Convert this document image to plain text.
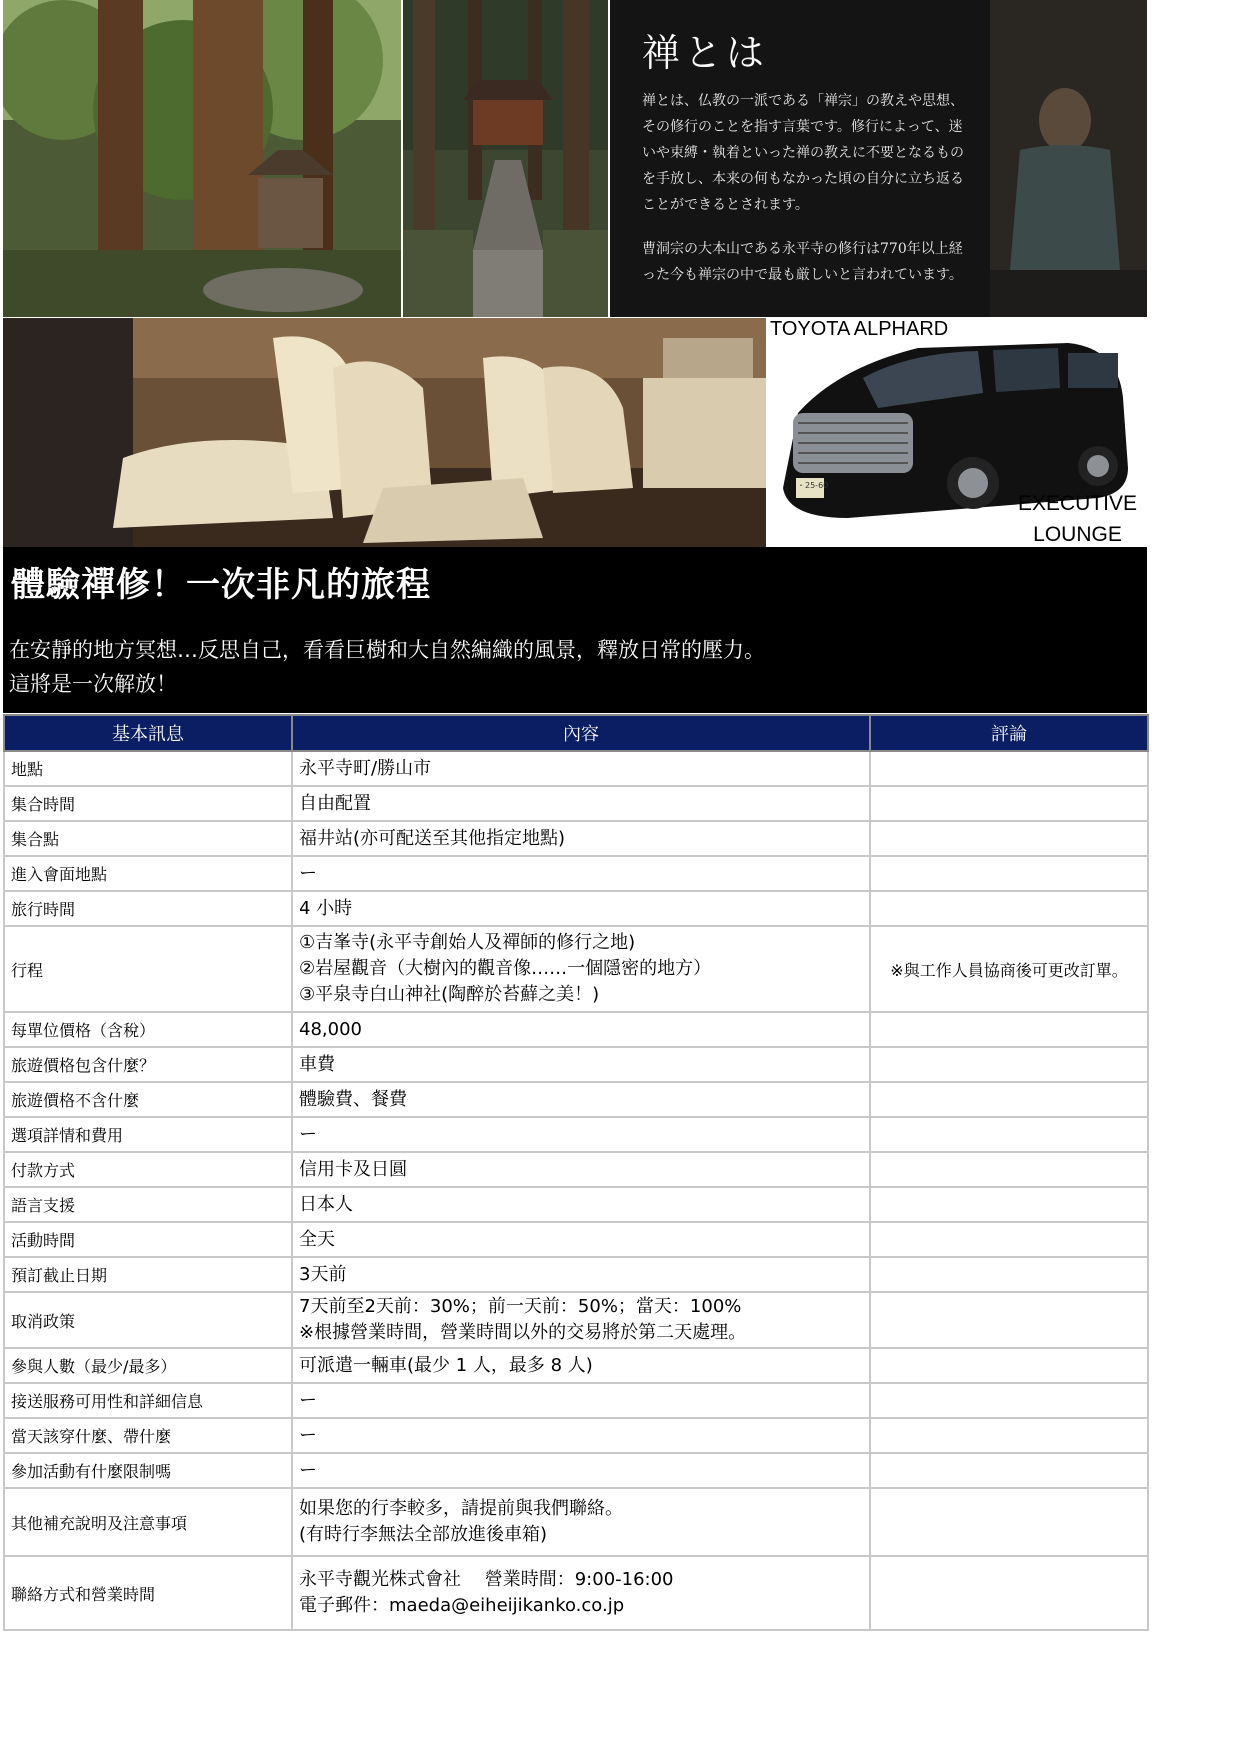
禅とは
禅とは、仏教の一派である「禅宗」の教えや思想、その修行のことを指す言葉です。修行によって、迷いや束縛・執着といった禅の教えに不要となるものを手放し、本来の何もなかった頃の自分に立ち返ることができるとされます。
曹洞宗の大本山である永平寺の修行は770年以上経った今も禅宗の中で最も厳しいと言われています。
TOYOTA ALPHARD
EXECUTIVE
LOUNGE
・25-60
體驗禪修！一次非凡的旅程
在安靜的地方冥想…反思自己，看看巨樹和大自然編織的風景，釋放日常的壓力。
這將是一次解放！
基本訊息	內容	評論
地點	永平寺町/勝山市	

集合時間	自由配置	

集合點	福井站(亦可配送至其他指定地點)	

進入會面地點	ー	

旅行時間	4 小時	

行程	①吉峯寺(永平寺創始人及禪師的修行之地)
②岩屋觀音（大樹內的觀音像……一個隱密的地方）
③平泉寺白山神社(陶醉於苔蘚之美！)	※與工作人員協商後可更改訂單。
每單位價格（含稅）	48,000	

旅遊價格包含什麼？	車費	

旅遊價格不含什麼	體驗費、餐費	

選項詳情和費用	ー	

付款方式	信用卡及日圓	

語言支援	日本人	

活動時間	全天	

預訂截止日期	3天前	

取消政策	7天前至2天前：30%；前一天前：50%；當天：100%
※根據營業時間，營業時間以外的交易將於第二天處理。	

參與人數（最少/最多）	可派遣一輛車(最少 1 人，最多 8 人)	

接送服務可用性和詳細信息	ー	

當天該穿什麼、帶什麼	ー	

參加活動有什麼限制嗎	ー	

其他補充說明及注意事項	如果您的行李較多，請提前與我們聯絡。
(有時行李無法全部放進後車箱)	

聯絡方式和營業時間	永平寺觀光株式會社　 營業時間：9:00-16:00
電子郵件：maeda@eiheijikanko.co.jp	
